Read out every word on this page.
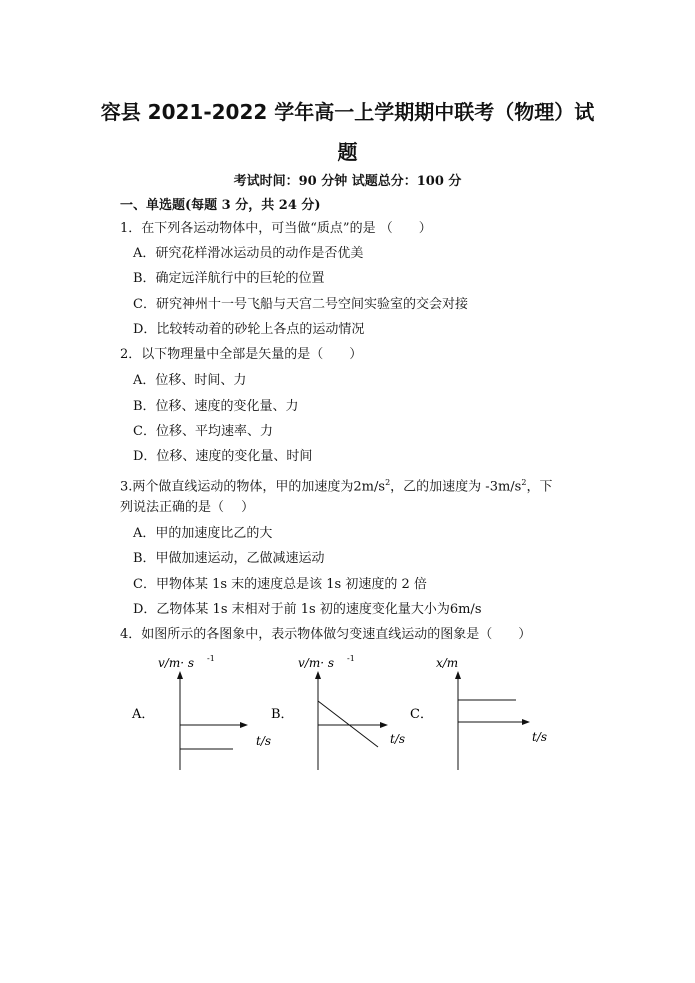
容县 2021-2022 学年高一上学期期中联考（物理）试
题
考试时间：90 分钟 试题总分：100 分
一、单选题(每题 3 分，共 24 分)
1．在下列各运动物体中，可当做“质点”的是 （　　）
A．研究花样滑冰运动员的动作是否优美
B．确定远洋航行中的巨轮的位置
C．研究神州十一号飞船与天宫二号空间实验室的交会对接
D．比较转动着的砂轮上各点的运动情况
2．以下物理量中全部是矢量的是（　　）
A．位移、时间、力
B．位移、速度的变化量、力
C．位移、平均速率、力
D．位移、速度的变化量、时间
3.两个做直线运动的物体，甲的加速度为$2m/s^2$，乙的加速度为 $-3m/s^2$，下
列说法正确的是（　 ）
A．甲的加速度比乙的大
B．甲做加速运动，乙做减速运动
C．甲物体某 1s 末的速度总是该 1s 初速度的 2 倍
D．乙物体某 1s 末相对于前 1s 初的速度变化量大小为6m/s
4．如图所示的各图象中，表示物体做匀变速直线运动的图象是（　　）
A．
v/m· s -1
t/s
B．
v/m· s -1
t/s
C．
x/m
t/s
